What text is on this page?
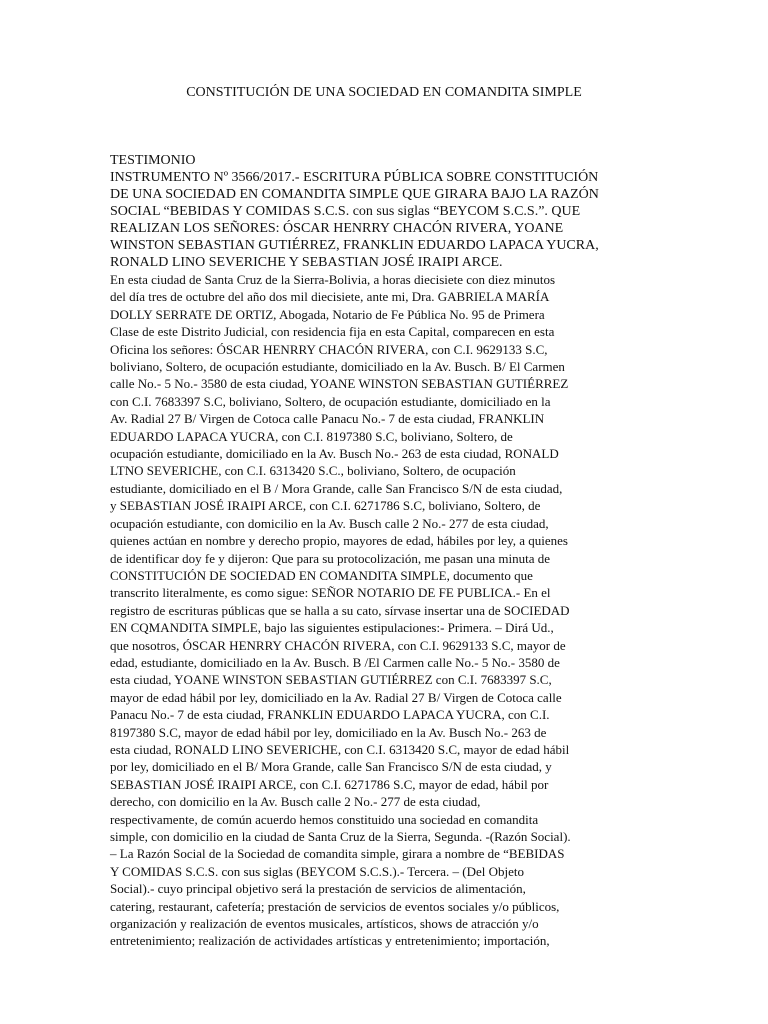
CONSTITUCIÓN DE UNA SOCIEDAD EN COMANDITA SIMPLE
TESTIMONIO
INSTRUMENTO Nº 3566/2017.- ESCRITURA PÚBLICA SOBRE CONSTITUCIÓN
DE UNA SOCIEDAD EN COMANDITA SIMPLE QUE GIRARA BAJO LA RAZÓN
SOCIAL “BEBIDAS Y COMIDAS S.C.S. con sus siglas “BEYCOM S.C.S.”. QUE
REALIZAN LOS SEÑORES: ÓSCAR HENRRY CHACÓN RIVERA, YOANE
WINSTON SEBASTIAN GUTIÉRREZ, FRANKLIN EDUARDO LAPACA YUCRA,
RONALD LINO SEVERICHE Y SEBASTIAN JOSÉ IRAIPI ARCE.
En esta ciudad de Santa Cruz de la Sierra-Bolivia, a horas diecisiete con diez minutos
del día tres de octubre del año dos mil diecisiete, ante mi, Dra. GABRIELA MARÍA
DOLLY SERRATE DE ORTIZ, Abogada, Notario de Fe Pública No. 95 de Primera
Clase de este Distrito Judicial, con residencia fija en esta Capital, comparecen en esta
Oficina los señores: ÓSCAR HENRRY CHACÓN RIVERA, con C.I. 9629133 S.C,
boliviano, Soltero, de ocupación estudiante, domiciliado en la Av. Busch. B/ El Carmen
calle No.- 5 No.- 3580 de esta ciudad, YOANE WINSTON SEBASTIAN GUTIÉRREZ
con C.I. 7683397 S.C, boliviano, Soltero, de ocupación estudiante, domiciliado en la
Av. Radial 27 B/ Virgen de Cotoca calle Panacu No.- 7 de esta ciudad, FRANKLIN
EDUARDO LAPACA YUCRA, con C.I. 8197380 S.C, boliviano, Soltero, de
ocupación estudiante, domiciliado en la Av. Busch No.- 263 de esta ciudad, RONALD
LTNO SEVERICHE, con C.I. 6313420 S.C., boliviano, Soltero, de ocupación
estudiante, domiciliado en el B / Mora Grande, calle San Francisco S/N de esta ciudad,
y SEBASTIAN JOSÉ IRAIPI ARCE, con C.I. 6271786 S.C, boliviano, Soltero, de
ocupación estudiante, con domicilio en la Av. Busch calle 2 No.- 277 de esta ciudad,
quienes actúan en nombre y derecho propio, mayores de edad, hábiles por ley, a quienes
de identificar doy fe y dijeron: Que para su protocolización, me pasan una minuta de
CONSTITUCIÓN DE SOCIEDAD EN COMANDITA SIMPLE, documento que
transcrito literalmente, es como sigue: SEÑOR NOTARIO DE FE PUBLICA.- En el
registro de escrituras públicas que se halla a su cato, sírvase insertar una de SOCIEDAD
EN CQMANDITA SIMPLE, bajo las siguientes estipulaciones:- Primera. – Dirá Ud.,
que nosotros, ÓSCAR HENRRY CHACÓN RIVERA, con C.I. 9629133 S.C, mayor de
edad, estudiante, domiciliado en la Av. Busch. B /El Carmen calle No.- 5 No.- 3580 de
esta ciudad, YOANE WINSTON SEBASTIAN GUTIÉRREZ con C.I. 7683397 S.C,
mayor de edad hábil por ley, domiciliado en la Av. Radial 27 B/ Virgen de Cotoca calle
Panacu No.- 7 de esta ciudad, FRANKLIN EDUARDO LAPACA YUCRA, con C.I.
8197380 S.C, mayor de edad hábil por ley, domiciliado en la Av. Busch No.- 263 de
esta ciudad, RONALD LINO SEVERICHE, con C.I. 6313420 S.C, mayor de edad hábil
por ley, domiciliado en el B/ Mora Grande, calle San Francisco S/N de esta ciudad, y
SEBASTIAN JOSÉ IRAIPI ARCE, con C.I. 6271786 S.C, mayor de edad, hábil por
derecho, con domicilio en la Av. Busch calle 2 No.- 277 de esta ciudad,
respectivamente, de común acuerdo hemos constituido una sociedad en comandita
simple, con domicilio en la ciudad de Santa Cruz de la Sierra, Segunda. -(Razón Social).
– La Razón Social de la Sociedad de comandita simple, girara a nombre de “BEBIDAS
Y COMIDAS S.C.S. con sus siglas (BEYCOM S.C.S.).- Tercera. – (Del Objeto
Social).- cuyo principal objetivo será la prestación de servicios de alimentación,
catering, restaurant, cafetería; prestación de servicios de eventos sociales y/o públicos,
organización y realización de eventos musicales, artísticos, shows de atracción y/o
entretenimiento; realización de actividades artísticas y entretenimiento; importación,
